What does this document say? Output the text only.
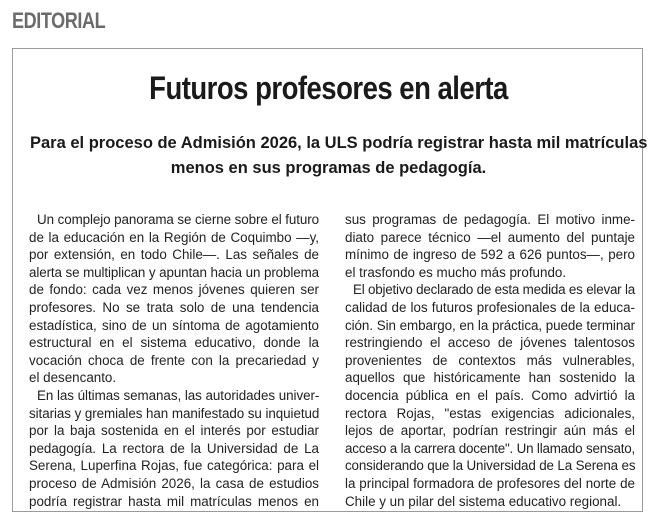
EDITORIAL
Futuros profesores en alerta
Para el proceso de Admisión 2026, la ULS podría registrar hasta mil matrículas
menos en sus programas de pedagogía.
Un complejo panorama se cierne sobre el futuro
de la educación en la Región de Coquimbo —y,
por extensión, en todo Chile—. Las señales de
alerta se multiplican y apuntan hacia un problema
de fondo: cada vez menos jóvenes quieren ser
profesores. No se trata solo de una tendencia
estadística, sino de un síntoma de agotamiento
estructural en el sistema educativo, donde la
vocación choca de frente con la precariedad y
el desencanto.
En las últimas semanas, las autoridades univer-
sitarias y gremiales han manifestado su inquietud
por la baja sostenida en el interés por estudiar
pedagogía. La rectora de la Universidad de La
Serena, Luperfina Rojas, fue categórica: para el
proceso de Admisión 2026, la casa de estudios
podría registrar hasta mil matrículas menos en
sus programas de pedagogía. El motivo inme-
diato parece técnico —el aumento del puntaje
mínimo de ingreso de 592 a 626 puntos—, pero
el trasfondo es mucho más profundo.
El objetivo declarado de esta medida es elevar la
calidad de los futuros profesionales de la educa-
ción. Sin embargo, en la práctica, puede terminar
restringiendo el acceso de jóvenes talentosos
provenientes de contextos más vulnerables,
aquellos que históricamente han sostenido la
docencia pública en el país. Como advirtió la
rectora Rojas, "estas exigencias adicionales,
lejos de aportar, podrían restringir aún más el
acceso a la carrera docente". Un llamado sensato,
considerando que la Universidad de La Serena es
la principal formadora de profesores del norte de
Chile y un pilar del sistema educativo regional.
